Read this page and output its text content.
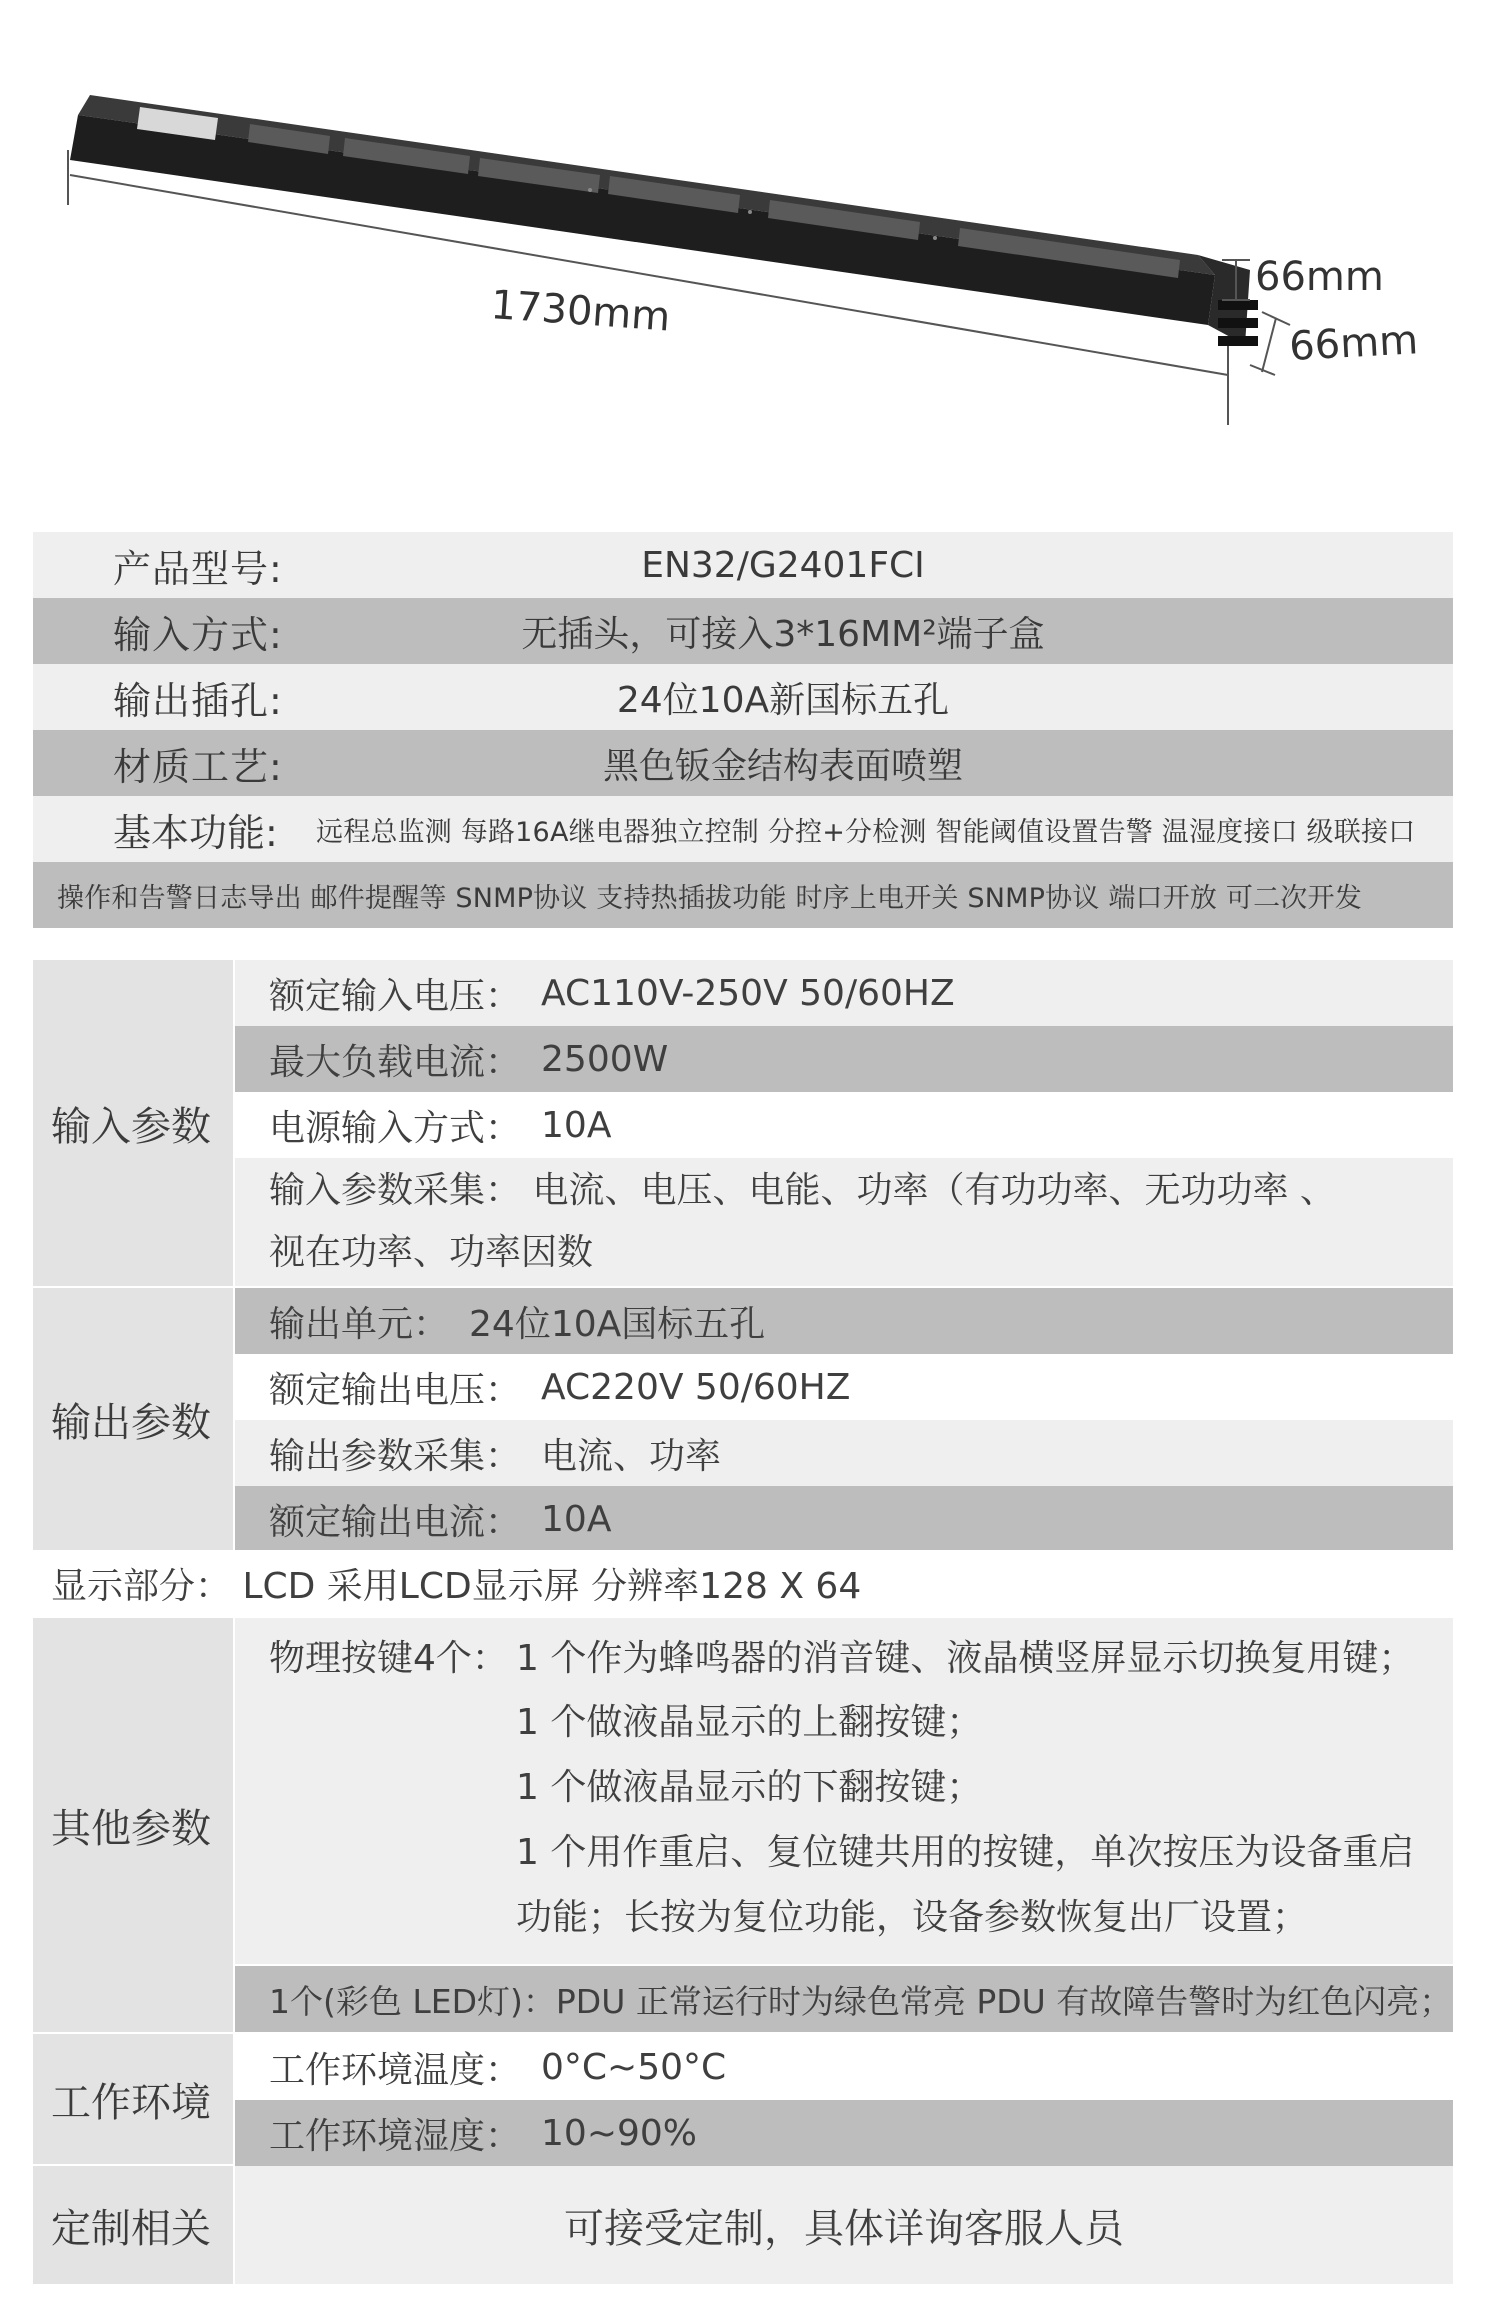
1730mm
66mm
66mm
产品型号:	EN32/G2401FCI
输入方式:	无插头，可接入3*16MM²端子盒
输出插孔:	24位10A新国标五孔
材质工艺:	黑色钣金结构表面喷塑
基本功能: 远程总监测 每路16A继电器独立控制 分控+分检测 智能阈值设置告警 温湿度接口 级联接口
操作和告警日志导出 邮件提醒等 SNMP协议 支持热插拔功能 时序上电开关 SNMP协议 端口开放 可二次开发
输入参数
额定输入电压： AC110V-250V 50/60HZ
最大负载电流： 2500W
电源输入方式： 10A
输入参数采集： 电流、电压、电能、功率（有功功率、无功功率 、
视在功率、功率因数
输出参数
输出单元： 24位10A国标五孔
额定输出电压： AC220V 50/60HZ
输出参数采集： 电流、功率
额定输出电流： 10A
显示部分： LCD 采用LCD显示屏 分辨率128 X 64
其他参数
物理按键4个： 1 个作为蜂鸣器的消音键、液晶横竖屏显示切换复用键；
1 个做液晶显示的上翻按键；
1 个做液晶显示的下翻按键；
1 个用作重启、复位键共用的按键，单次按压为设备重启
功能；长按为复位功能，设备参数恢复出厂设置；
1个(彩色 LED灯)：PDU 正常运行时为绿色常亮 PDU 有故障告警时为红色闪亮；
工作环境
工作环境温度： 0°C~50°C
工作环境湿度： 10~90%
定制相关	可接受定制，具体详询客服人员
